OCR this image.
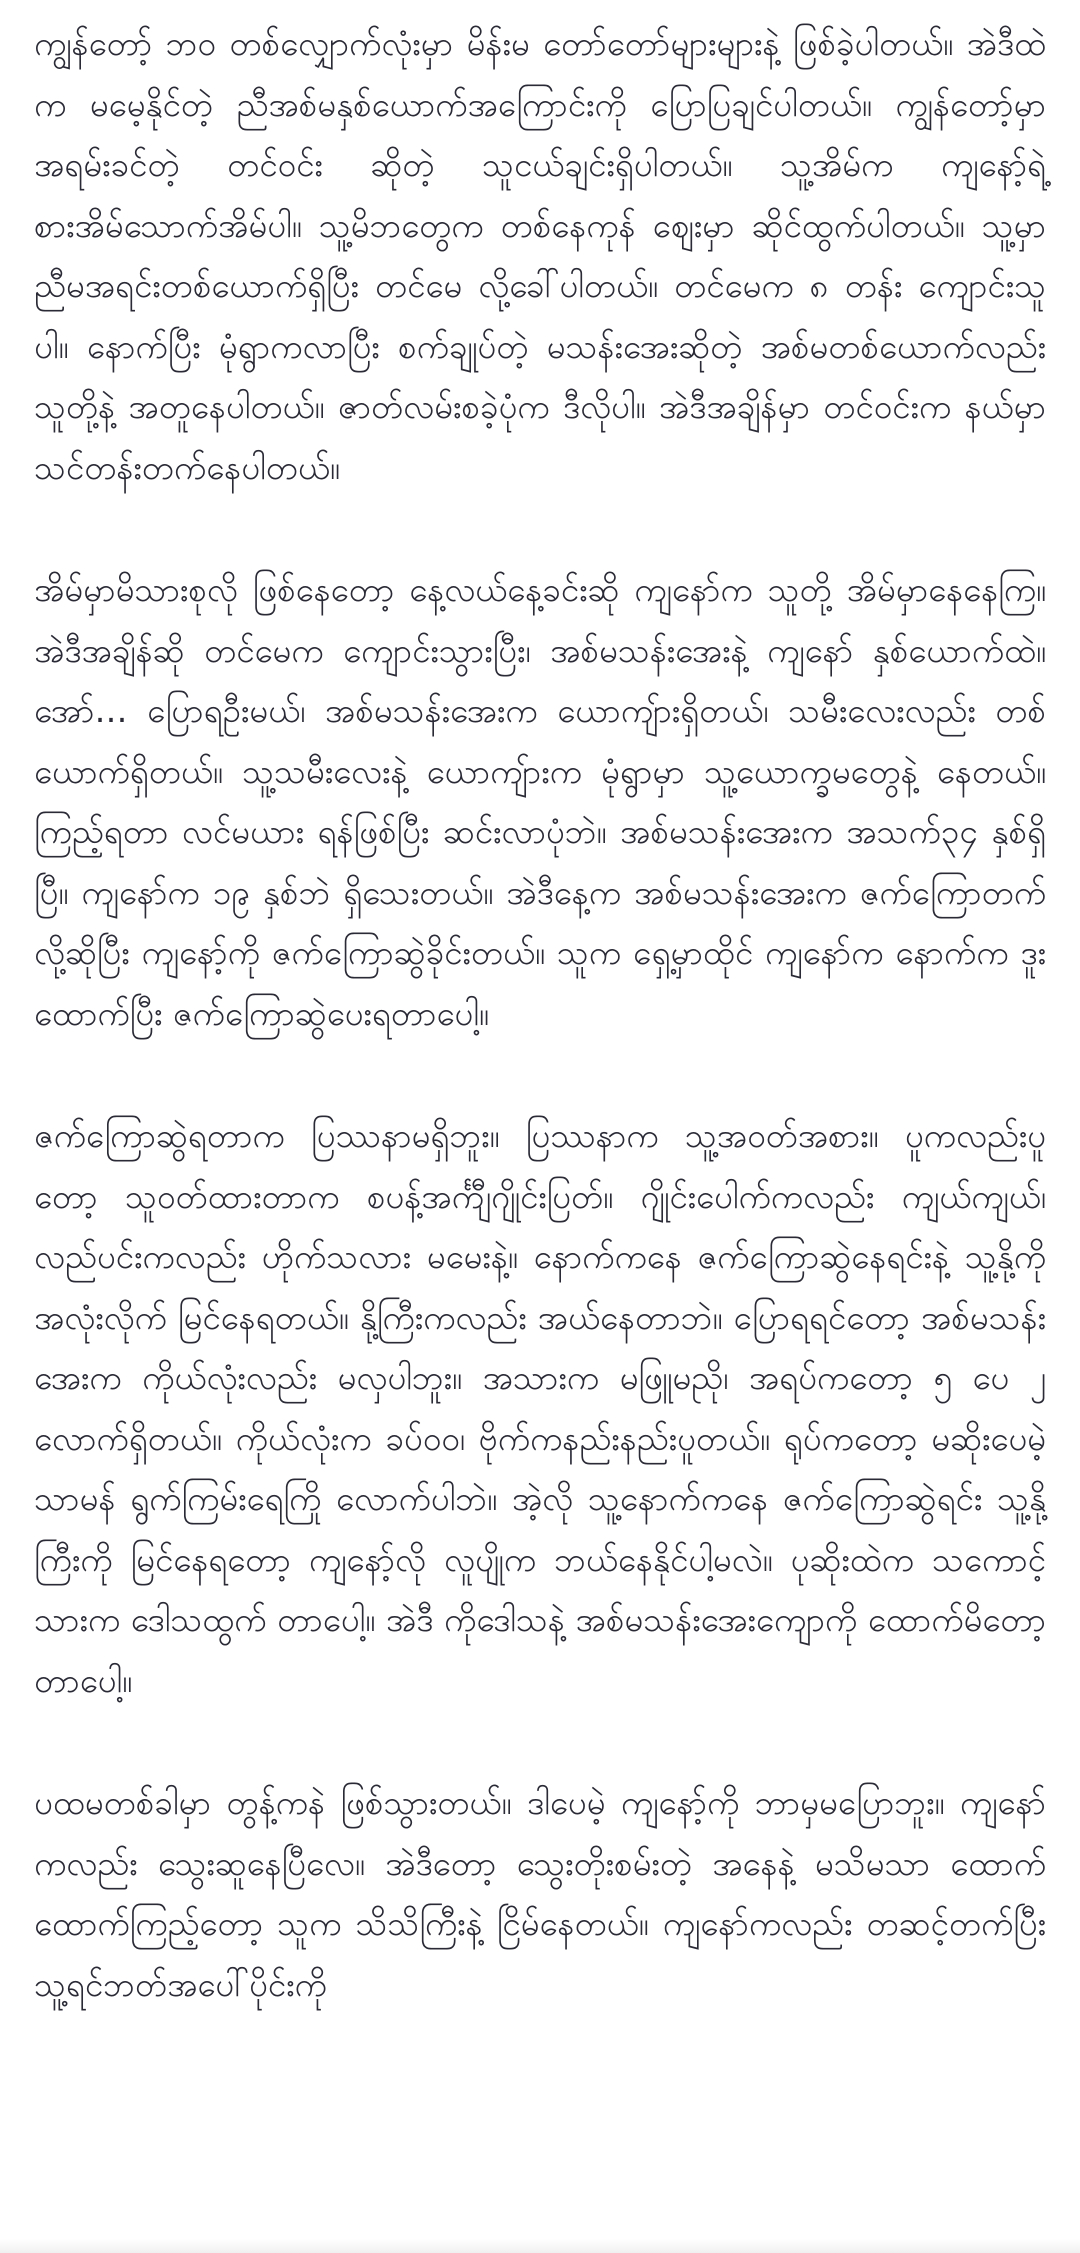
ကျွန်တော့် ဘဝ တစ်လျှောက်လုံးမှာ မိန်းမ တော်တော်များများနဲ့ ဖြစ်ခဲ့ပါတယ်။ အဲဒီထဲက မမေ့နိုင်တဲ့ ညီအစ်မနှစ်ယောက်အကြောင်းကို ပြောပြချင်ပါတယ်။ ကျွန်တော့်မှာ အရမ်းခင်တဲ့ တင်ဝင်း ဆိုတဲ့ သူငယ်ချင်းရှိပါတယ်။ သူ့အိမ်က ကျနော့်ရဲ့ စားအိမ်သောက်အိမ်ပါ။ သူ့မိဘတွေက တစ်နေကုန် ဈေးမှာ ဆိုင်ထွက်ပါတယ်။ သူ့မှာ ညီမအရင်းတစ်ယောက်ရှိပြီး တင်မေ လို့ခေါ်ပါတယ်။ တင်မေက ၈ တန်း ကျောင်းသူပါ။ နောက်ပြီး မုံရွာကလာပြီး စက်ချုပ်တဲ့ မသန်းအေးဆိုတဲ့ အစ်မတစ်ယောက်လည်း သူတို့နဲ့ အတူနေပါတယ်။ ဇာတ်လမ်းစခဲ့ပုံက ဒီလိုပါ။ အဲဒီအချိန်မှာ တင်ဝင်းက နယ်မှာ သင်တန်းတက်နေပါတယ်။

အိမ်မှာမိသားစုလို ဖြစ်နေတော့ နေ့လယ်နေ့ခင်းဆို ကျနော်က သူတို့ အိမ်မှာနေနေကြ။ အဲဒီအချိန်ဆို တင်မေက ကျောင်းသွားပြီး၊ အစ်မသန်းအေးနဲ့ ကျနော် နှစ်ယောက်ထဲ။ အော်… ပြောရဦးမယ်၊ အစ်မသန်းအေးက ယောကျ်ားရှိတယ်၊ သမီးလေးလည်း တစ်ယောက်ရှိတယ်။ သူ့သမီးလေးနဲ့ ယောကျ်ားက မုံရွာမှာ သူ့ယောက္ခမတွေနဲ့ နေတယ်။ ကြည့်ရတာ လင်မယား ရန်ဖြစ်ပြီး ဆင်းလာပုံဘဲ။ အစ်မသန်းအေးက အသက်၃၄ နှစ်ရှိပြီ။ ကျနော်က ၁၉ နှစ်ဘဲ ရှိသေးတယ်။ အဲဒီနေ့က အစ်မသန်းအေးက ဇက်ကြောတက်လို့ဆိုပြီး ကျနော့်ကို ဇက်ကြောဆွဲခိုင်းတယ်။ သူက ရှေ့မှာထိုင် ကျနော်က နောက်က ဒူးထောက်ပြီး ဇက်ကြောဆွဲပေးရတာပေါ့။

ဇက်ကြောဆွဲရတာက ပြဿနာမရှိဘူး။ ပြဿနာက သူ့အဝတ်အစား။ ပူကလည်းပူတော့ သူဝတ်ထားတာက စပန့်အင်္ကျီဂျိုင်းပြတ်။ ဂျိုင်းပေါက်ကလည်း ကျယ်ကျယ်၊ လည်ပင်းကလည်း ဟိုက်သလား မမေးနဲ့။ နောက်ကနေ ဇက်ကြောဆွဲနေရင်းနဲ့ သူ့နို့ကို အလုံးလိုက် မြင်နေရတယ်။ နို့ကြီးကလည်း အယ်နေတာဘဲ။ ပြောရရင်တော့ အစ်မသန်းအေးက ကိုယ်လုံးလည်း မလှပါဘူး။ အသားက မဖြူမညို၊ အရပ်ကတော့ ၅ ပေ ၂ လောက်ရှိတယ်။ ကိုယ်လုံးက ခပ်ဝဝ၊ ဗိုက်ကနည်းနည်းပူတယ်။ ရုပ်ကတော့ မဆိုးပေမဲ့ သာမန် ရွက်ကြမ်းရေကြို လောက်ပါဘဲ။ အဲ့လို သူ့နောက်ကနေ ဇက်ကြောဆွဲရင်း သူ့နို့ကြီးကို မြင်နေရတော့ ကျနော့်လို လူပျိုက ဘယ်နေနိုင်ပါ့မလဲ။ ပုဆိုးထဲက သကောင့်သားက ဒေါသထွက် တာပေါ့။ အဲဒီ ကိုဒေါသနဲ့ အစ်မသန်းအေးကျောကို ထောက်မိတော့တာပေါ့။

ပထမတစ်ခါမှာ တွန့်ကနဲ ဖြစ်သွားတယ်။ ဒါပေမဲ့ ကျနော့်ကို ဘာမှမပြောဘူး။ ကျနော်ကလည်း သွေးဆူနေပြီလေ။ အဲဒီတော့ သွေးတိုးစမ်းတဲ့ အနေနဲ့ မသိမသာ ထောက်ထောက်ကြည့်တော့ သူက သိသိကြီးနဲ့ ငြိမ်နေတယ်။ ကျနော်ကလည်း တဆင့်တက်ပြီး သူ့ရင်ဘတ်အပေါ်ပိုင်းကို
